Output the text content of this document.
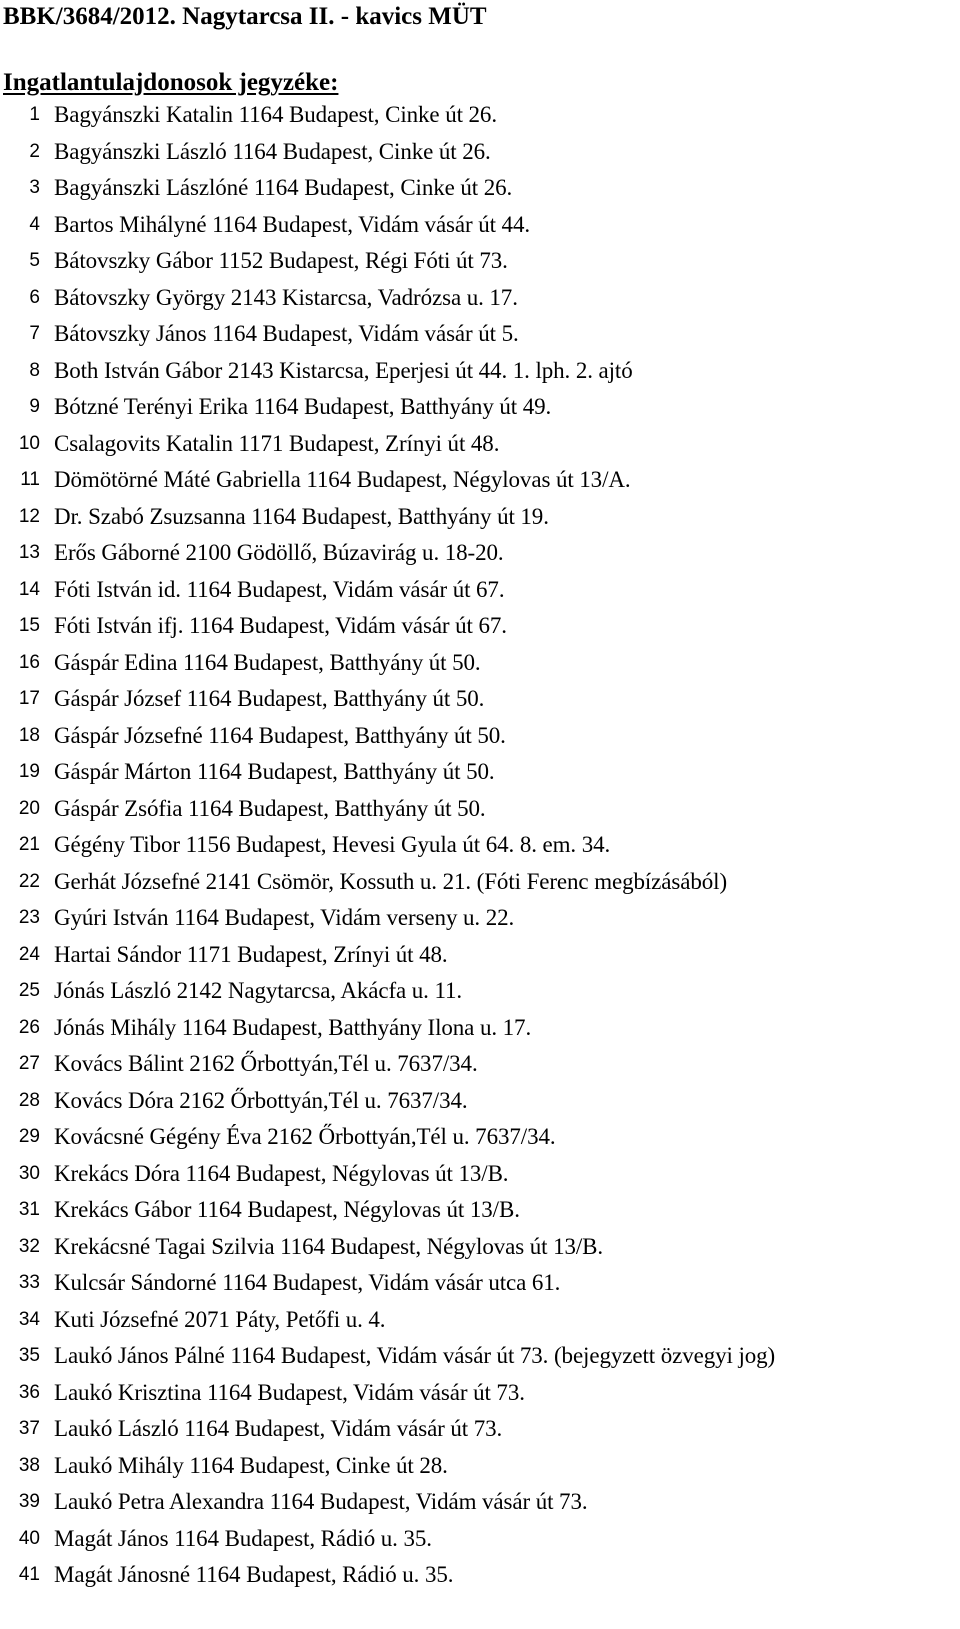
BBK/3684/2012. Nagytarcsa II. - kavics MÜT
Ingatlantulajdonosok jegyzéke:
1 Bagyánszki Katalin 1164 Budapest, Cinke út 26.
2 Bagyánszki László 1164 Budapest, Cinke út 26.
3 Bagyánszki Lászlóné 1164 Budapest, Cinke út 26.
4 Bartos Mihályné 1164 Budapest, Vidám vásár út 44.
5 Bátovszky Gábor 1152 Budapest, Régi Fóti út 73.
6 Bátovszky György 2143 Kistarcsa, Vadrózsa u. 17.
7 Bátovszky János 1164 Budapest, Vidám vásár út 5.
8 Both István Gábor 2143 Kistarcsa, Eperjesi út 44. 1. lph. 2. ajtó
9 Bótzné Terényi Erika 1164 Budapest, Batthyány út 49.
10 Csalagovits Katalin 1171 Budapest, Zrínyi út 48.
11 Dömötörné Máté Gabriella 1164 Budapest, Négylovas út 13/A.
12 Dr. Szabó Zsuzsanna 1164 Budapest, Batthyány út 19.
13 Erős Gáborné 2100 Gödöllő, Búzavirág u. 18-20.
14 Fóti István id. 1164 Budapest, Vidám vásár út 67.
15 Fóti István ifj. 1164 Budapest, Vidám vásár út 67.
16 Gáspár Edina 1164 Budapest, Batthyány út 50.
17 Gáspár József 1164 Budapest, Batthyány út 50.
18 Gáspár Józsefné 1164 Budapest, Batthyány út 50.
19 Gáspár Márton 1164 Budapest, Batthyány út 50.
20 Gáspár Zsófia 1164 Budapest, Batthyány út 50.
21 Gégény Tibor 1156 Budapest, Hevesi Gyula út 64. 8. em. 34.
22 Gerhát Józsefné 2141 Csömör, Kossuth u. 21. (Fóti Ferenc megbízásából)
23 Gyúri István 1164 Budapest, Vidám verseny u. 22.
24 Hartai Sándor 1171 Budapest, Zrínyi út 48.
25 Jónás László 2142 Nagytarcsa, Akácfa u. 11.
26 Jónás Mihály 1164 Budapest, Batthyány Ilona u. 17.
27 Kovács Bálint 2162 Őrbottyán,Tél u. 7637/34.
28 Kovács Dóra 2162 Őrbottyán,Tél u. 7637/34.
29 Kovácsné Gégény Éva 2162 Őrbottyán,Tél u. 7637/34.
30 Krekács Dóra 1164 Budapest, Négylovas út 13/B.
31 Krekács Gábor 1164 Budapest, Négylovas út 13/B.
32 Krekácsné Tagai Szilvia 1164 Budapest, Négylovas út 13/B.
33 Kulcsár Sándorné 1164 Budapest, Vidám vásár utca 61.
34 Kuti Józsefné 2071 Páty, Petőfi u. 4.
35 Laukó János Pálné 1164 Budapest, Vidám vásár út 73. (bejegyzett özvegyi jog)
36 Laukó Krisztina 1164 Budapest, Vidám vásár út 73.
37 Laukó László 1164 Budapest, Vidám vásár út 73.
38 Laukó Mihály 1164 Budapest, Cinke út 28.
39 Laukó Petra Alexandra 1164 Budapest, Vidám vásár út 73.
40 Magát János 1164 Budapest, Rádió u. 35.
41 Magát Jánosné 1164 Budapest, Rádió u. 35.
